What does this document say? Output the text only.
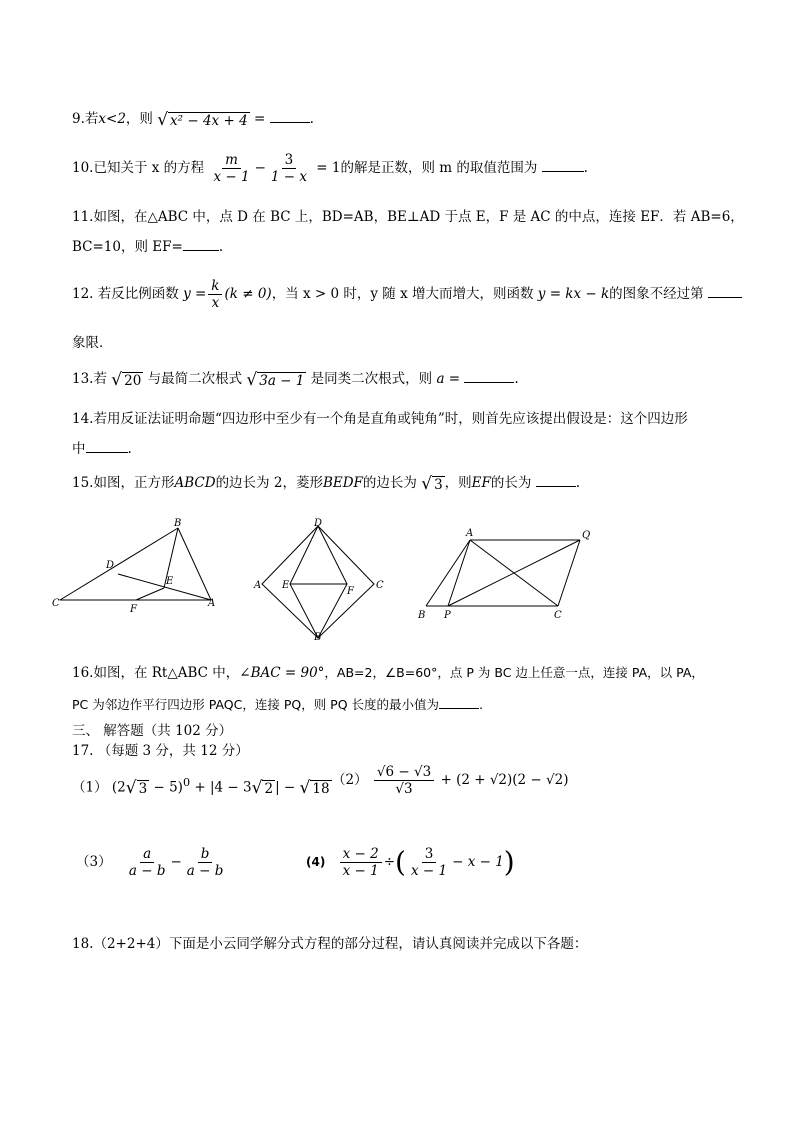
9.若x<2，则 √ x² − 4x + 4 =	.
10.已知关于 x 的方程 $\frac{m}{x - 1} - \frac{3}{1 - x} = 1$的解是正数，则 m 的取值范围为	.
11.如图，在△ABC 中，点 D 在 BC 上，BD=AB，BE⊥AD 于点 E，F 是 AC 的中点，连接 EF．若 AB=6，
BC=10，则 EF=	.
12. 若反比例函数 $y = \frac{k}{x} (k \ne 0)$，当 x > 0 时，y 随 x 增大而增大，则函数 y = kx − k的图象不经过第
象限．
13.若 √ 20 与最简二次根式 √ 3a − 1 是同类二次根式，则 a =	.
14.若用反证法证明命题“四边形中至少有一个角是直角或钝角”时，则首先应该提出假设是：这个四边形
中	.
15.如图，正方形ABCD的边长为 2，菱形BEDF的边长为 √ 3 ，则EF的长为	.
B
D
E
C
F
A
D
A E
F
C
B
A	Q
B P	C
16.如图，在 Rt△ABC 中，∠BAC = 90°，AB=2，∠B=60°，点 P 为 BC 边上任意一点，连接 PA，以 PA，
PC 为邻边作平行四边形 PAQC，连接 PQ，则 PQ 长度的最小值为	.
三、 解答题（共 102 分）
17. （每题 3 分，共 12 分）
（1） (2 √ 3 − 5)$^0$ + |4 − 3 √ 2 | − √ 18
$(2) \frac{√6 - √3}{√3} + (2 + √2)(2 - √2)$
$(3) \frac{a}{a - b} - \frac{b}{a - b}$	$(4) \frac{x - 2}{x - 1}$ ÷( $\frac{3}{x - 1} - x - 1$)
18.（2+2+4）下面是小云同学解分式方程的部分过程，请认真阅读并完成以下各题：
